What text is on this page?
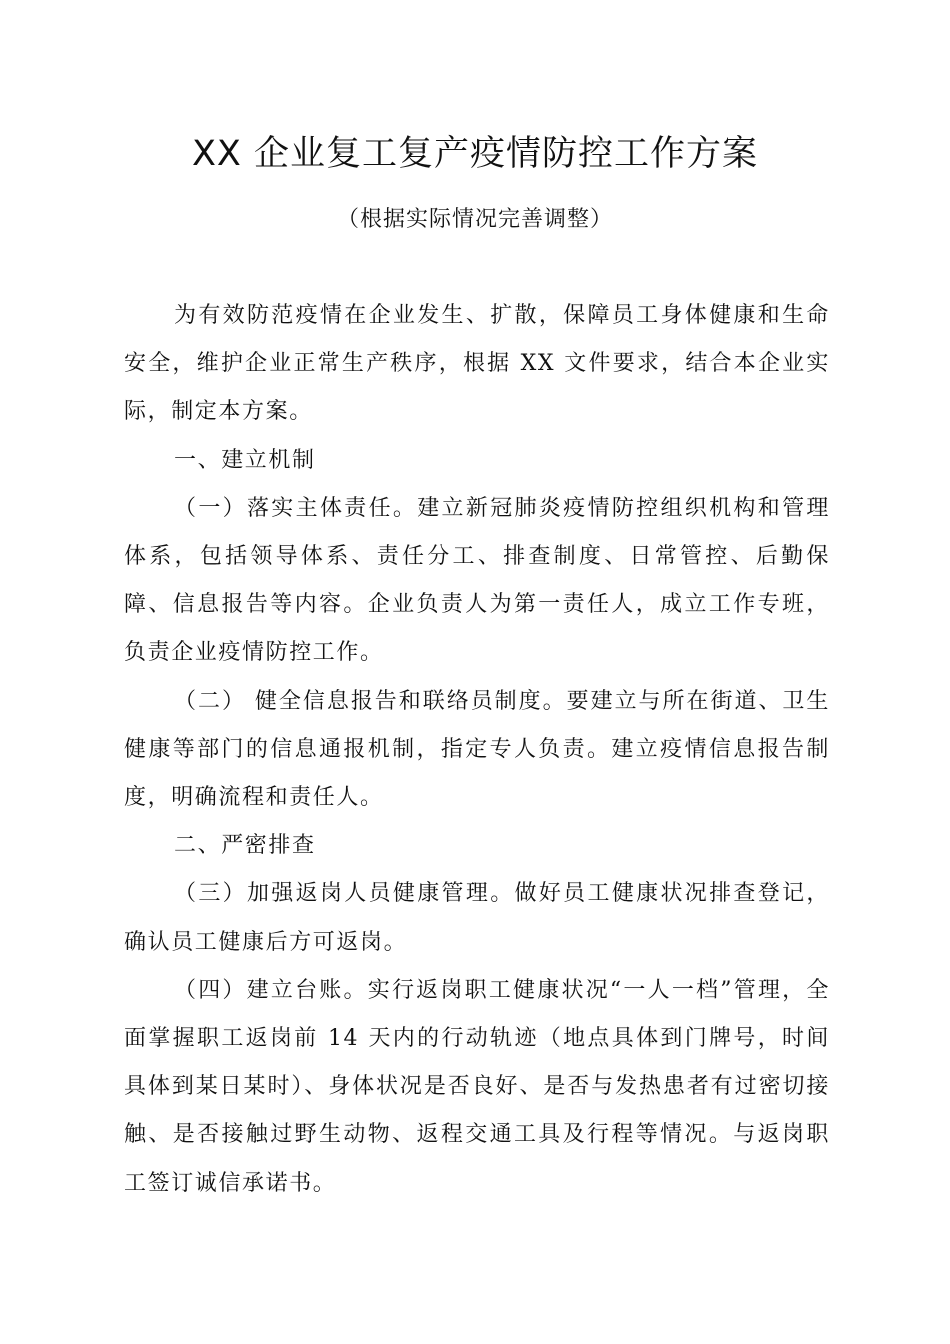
XX 企业复工复产疫情防控工作方案
（根据实际情况完善调整）

为有效防范疫情在企业发生、扩散，保障员工身体健康和生命安全，维护企业正常生产秩序，根据 XX 文件要求，结合本企业实际，制定本方案。

一、建立机制

（一）落实主体责任。建立新冠肺炎疫情防控组织机构和管理体系，包括领导体系、责任分工、排查制度、日常管控、后勤保障、信息报告等内容。企业负责人为第一责任人，成立工作专班，负责企业疫情防控工作。

（二） 健全信息报告和联络员制度。要建立与所在街道、卫生健康等部门的信息通报机制，指定专人负责。建立疫情信息报告制度，明确流程和责任人。

二、严密排查

（三）加强返岗人员健康管理。做好员工健康状况排查登记，确认员工健康后方可返岗。

（四）建立台账。实行返岗职工健康状况“一人一档”管理，全面掌握职工返岗前 14 天内的行动轨迹（地点具体到门牌号，时间具体到某日某时）、身体状况是否良好、是否与发热患者有过密切接触、是否接触过野生动物、返程交通工具及行程等情况。与返岗职工签订诚信承诺书。
